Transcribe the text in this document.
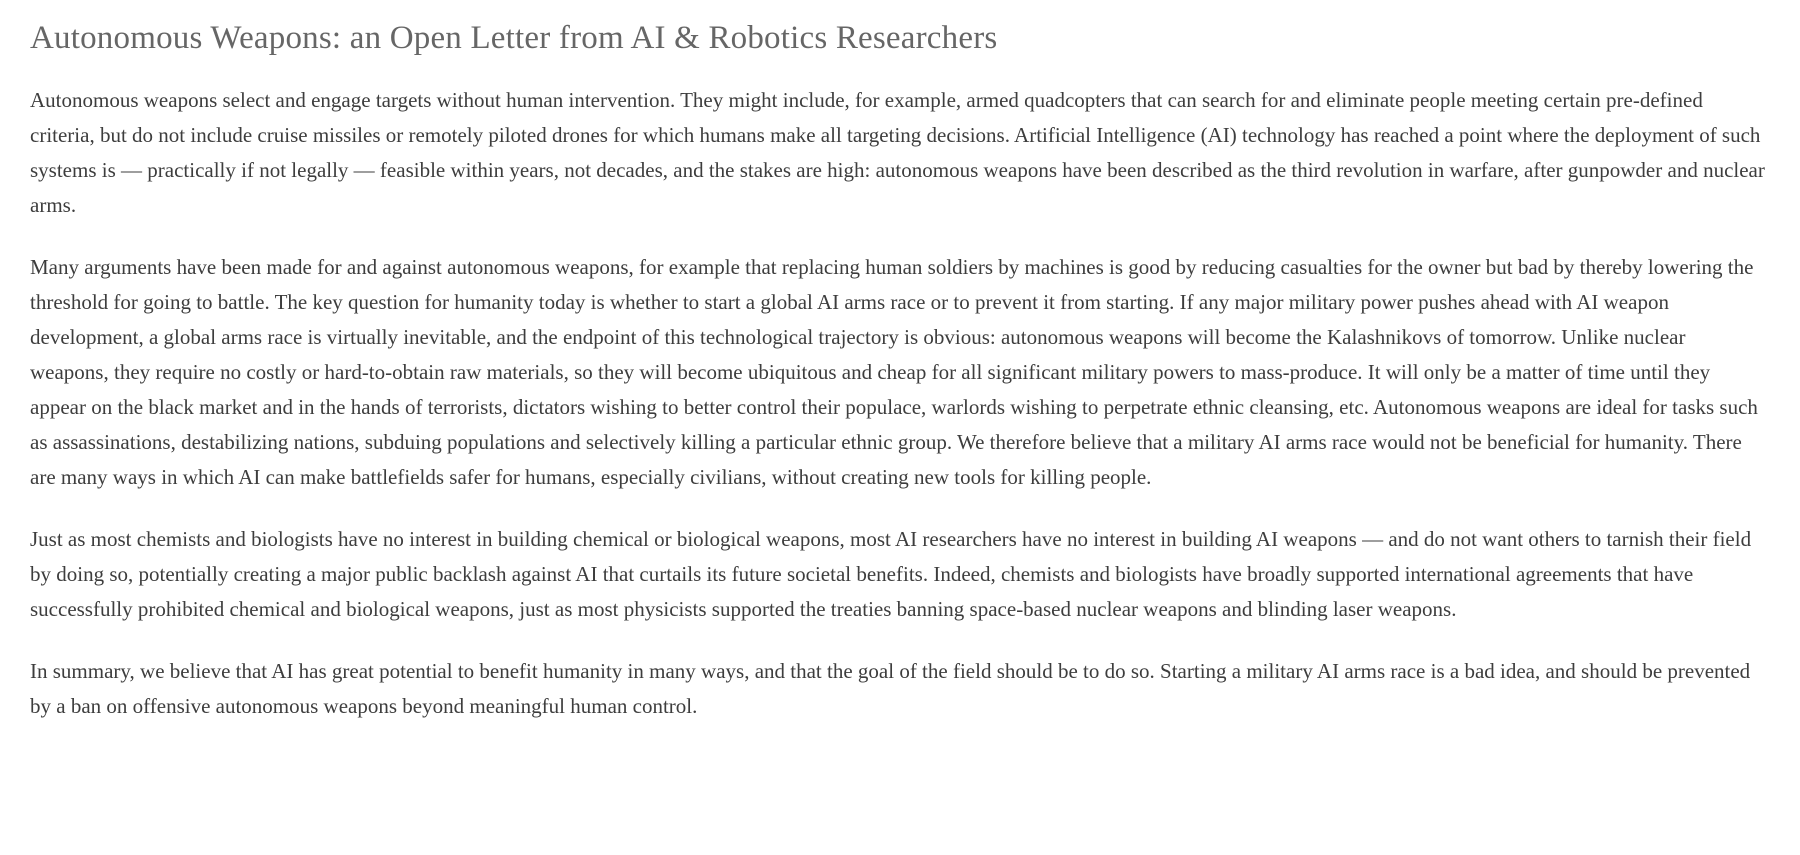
Autonomous Weapons: an Open Letter from AI & Robotics Researchers

Autonomous weapons select and engage targets without human intervention. They might include, for example, armed quadcopters that can search for and eliminate people meeting certain pre-defined criteria, but do not include cruise missiles or remotely piloted drones for which humans make all targeting decisions. Artificial Intelligence (AI) technology has reached a point where the deployment of such systems is — practically if not legally — feasible within years, not decades, and the stakes are high: autonomous weapons have been described as the third revolution in warfare, after gunpowder and nuclear arms.

Many arguments have been made for and against autonomous weapons, for example that replacing human soldiers by machines is good by reducing casualties for the owner but bad by thereby lowering the threshold for going to battle. The key question for humanity today is whether to start a global AI arms race or to prevent it from starting. If any major military power pushes ahead with AI weapon development, a global arms race is virtually inevitable, and the endpoint of this technological trajectory is obvious: autonomous weapons will become the Kalashnikovs of tomorrow. Unlike nuclear weapons, they require no costly or hard-to-obtain raw materials, so they will become ubiquitous and cheap for all significant military powers to mass-produce. It will only be a matter of time until they appear on the black market and in the hands of terrorists, dictators wishing to better control their populace, warlords wishing to perpetrate ethnic cleansing, etc. Autonomous weapons are ideal for tasks such as assassinations, destabilizing nations, subduing populations and selectively killing a particular ethnic group. We therefore believe that a military AI arms race would not be beneficial for humanity. There are many ways in which AI can make battlefields safer for humans, especially civilians, without creating new tools for killing people.

Just as most chemists and biologists have no interest in building chemical or biological weapons, most AI researchers have no interest in building AI weapons — and do not want others to tarnish their field by doing so, potentially creating a major public backlash against AI that curtails its future societal benefits. Indeed, chemists and biologists have broadly supported international agreements that have successfully prohibited chemical and biological weapons, just as most physicists supported the treaties banning space-based nuclear weapons and blinding laser weapons.

In summary, we believe that AI has great potential to benefit humanity in many ways, and that the goal of the field should be to do so. Starting a military AI arms race is a bad idea, and should be prevented by a ban on offensive autonomous weapons beyond meaningful human control.
